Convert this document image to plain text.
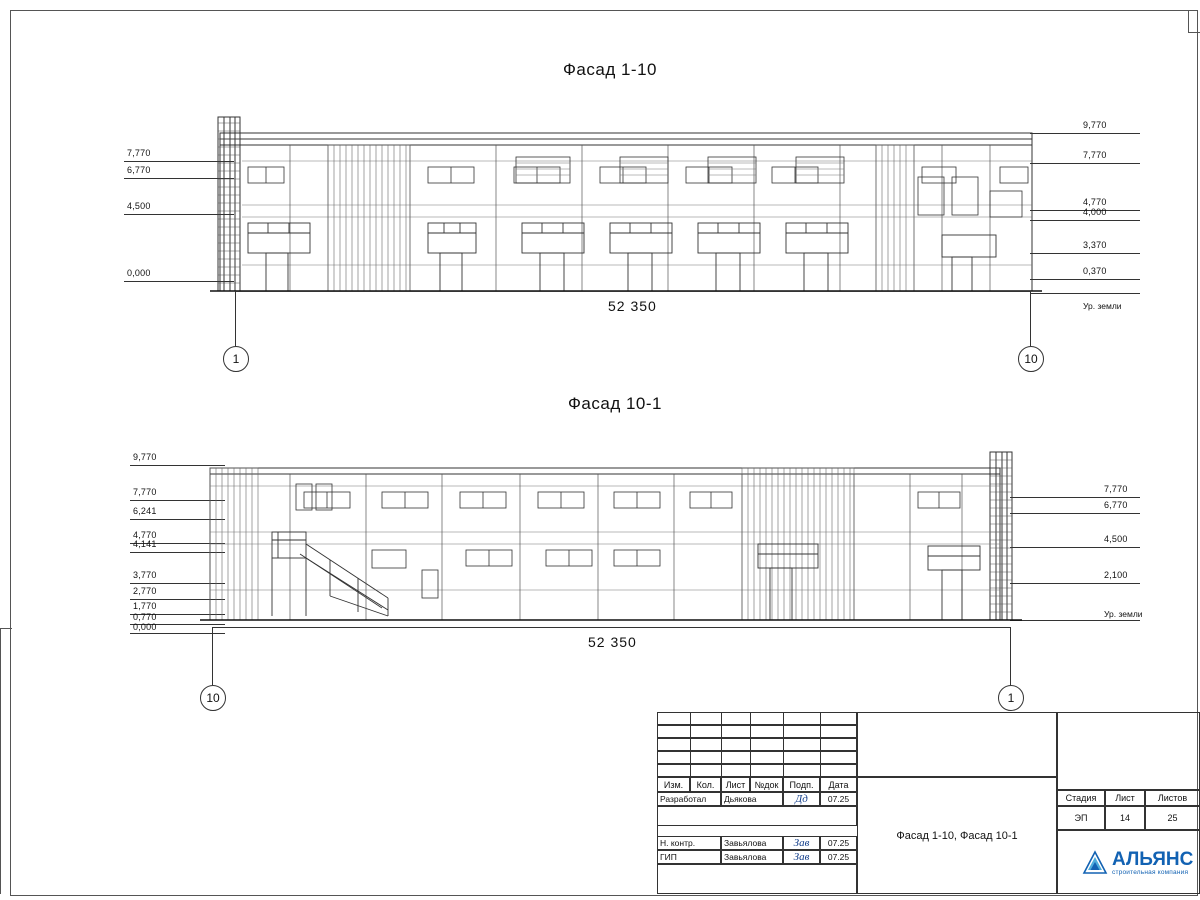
Фасад 1-10
7,770
6,770
4,500
0,000
9,770
7,770
4,770
4,000
3,370
0,370
Ур. земли
52 350
1	10
Фасад 10-1
9,770
7,770
6,241
4,770
4,141
3,770
2,770
1,770
0,770
0,000
7,770
6,770
4,500
2,100
Ур. земли
52 350
10	1
Изм.	Кол.	Лист	№док	Подп.	Дата
Разработал	Дьякова	Дд	07.25
Н. контр.	Завьялова	Зав	07.25
ГИП	Завьялова	Зав	07.25
Фасад 1-10, Фасад 10-1
Стадия	Лист	Листов
ЭП	14	25
АЛЬЯНС
строительная компания
